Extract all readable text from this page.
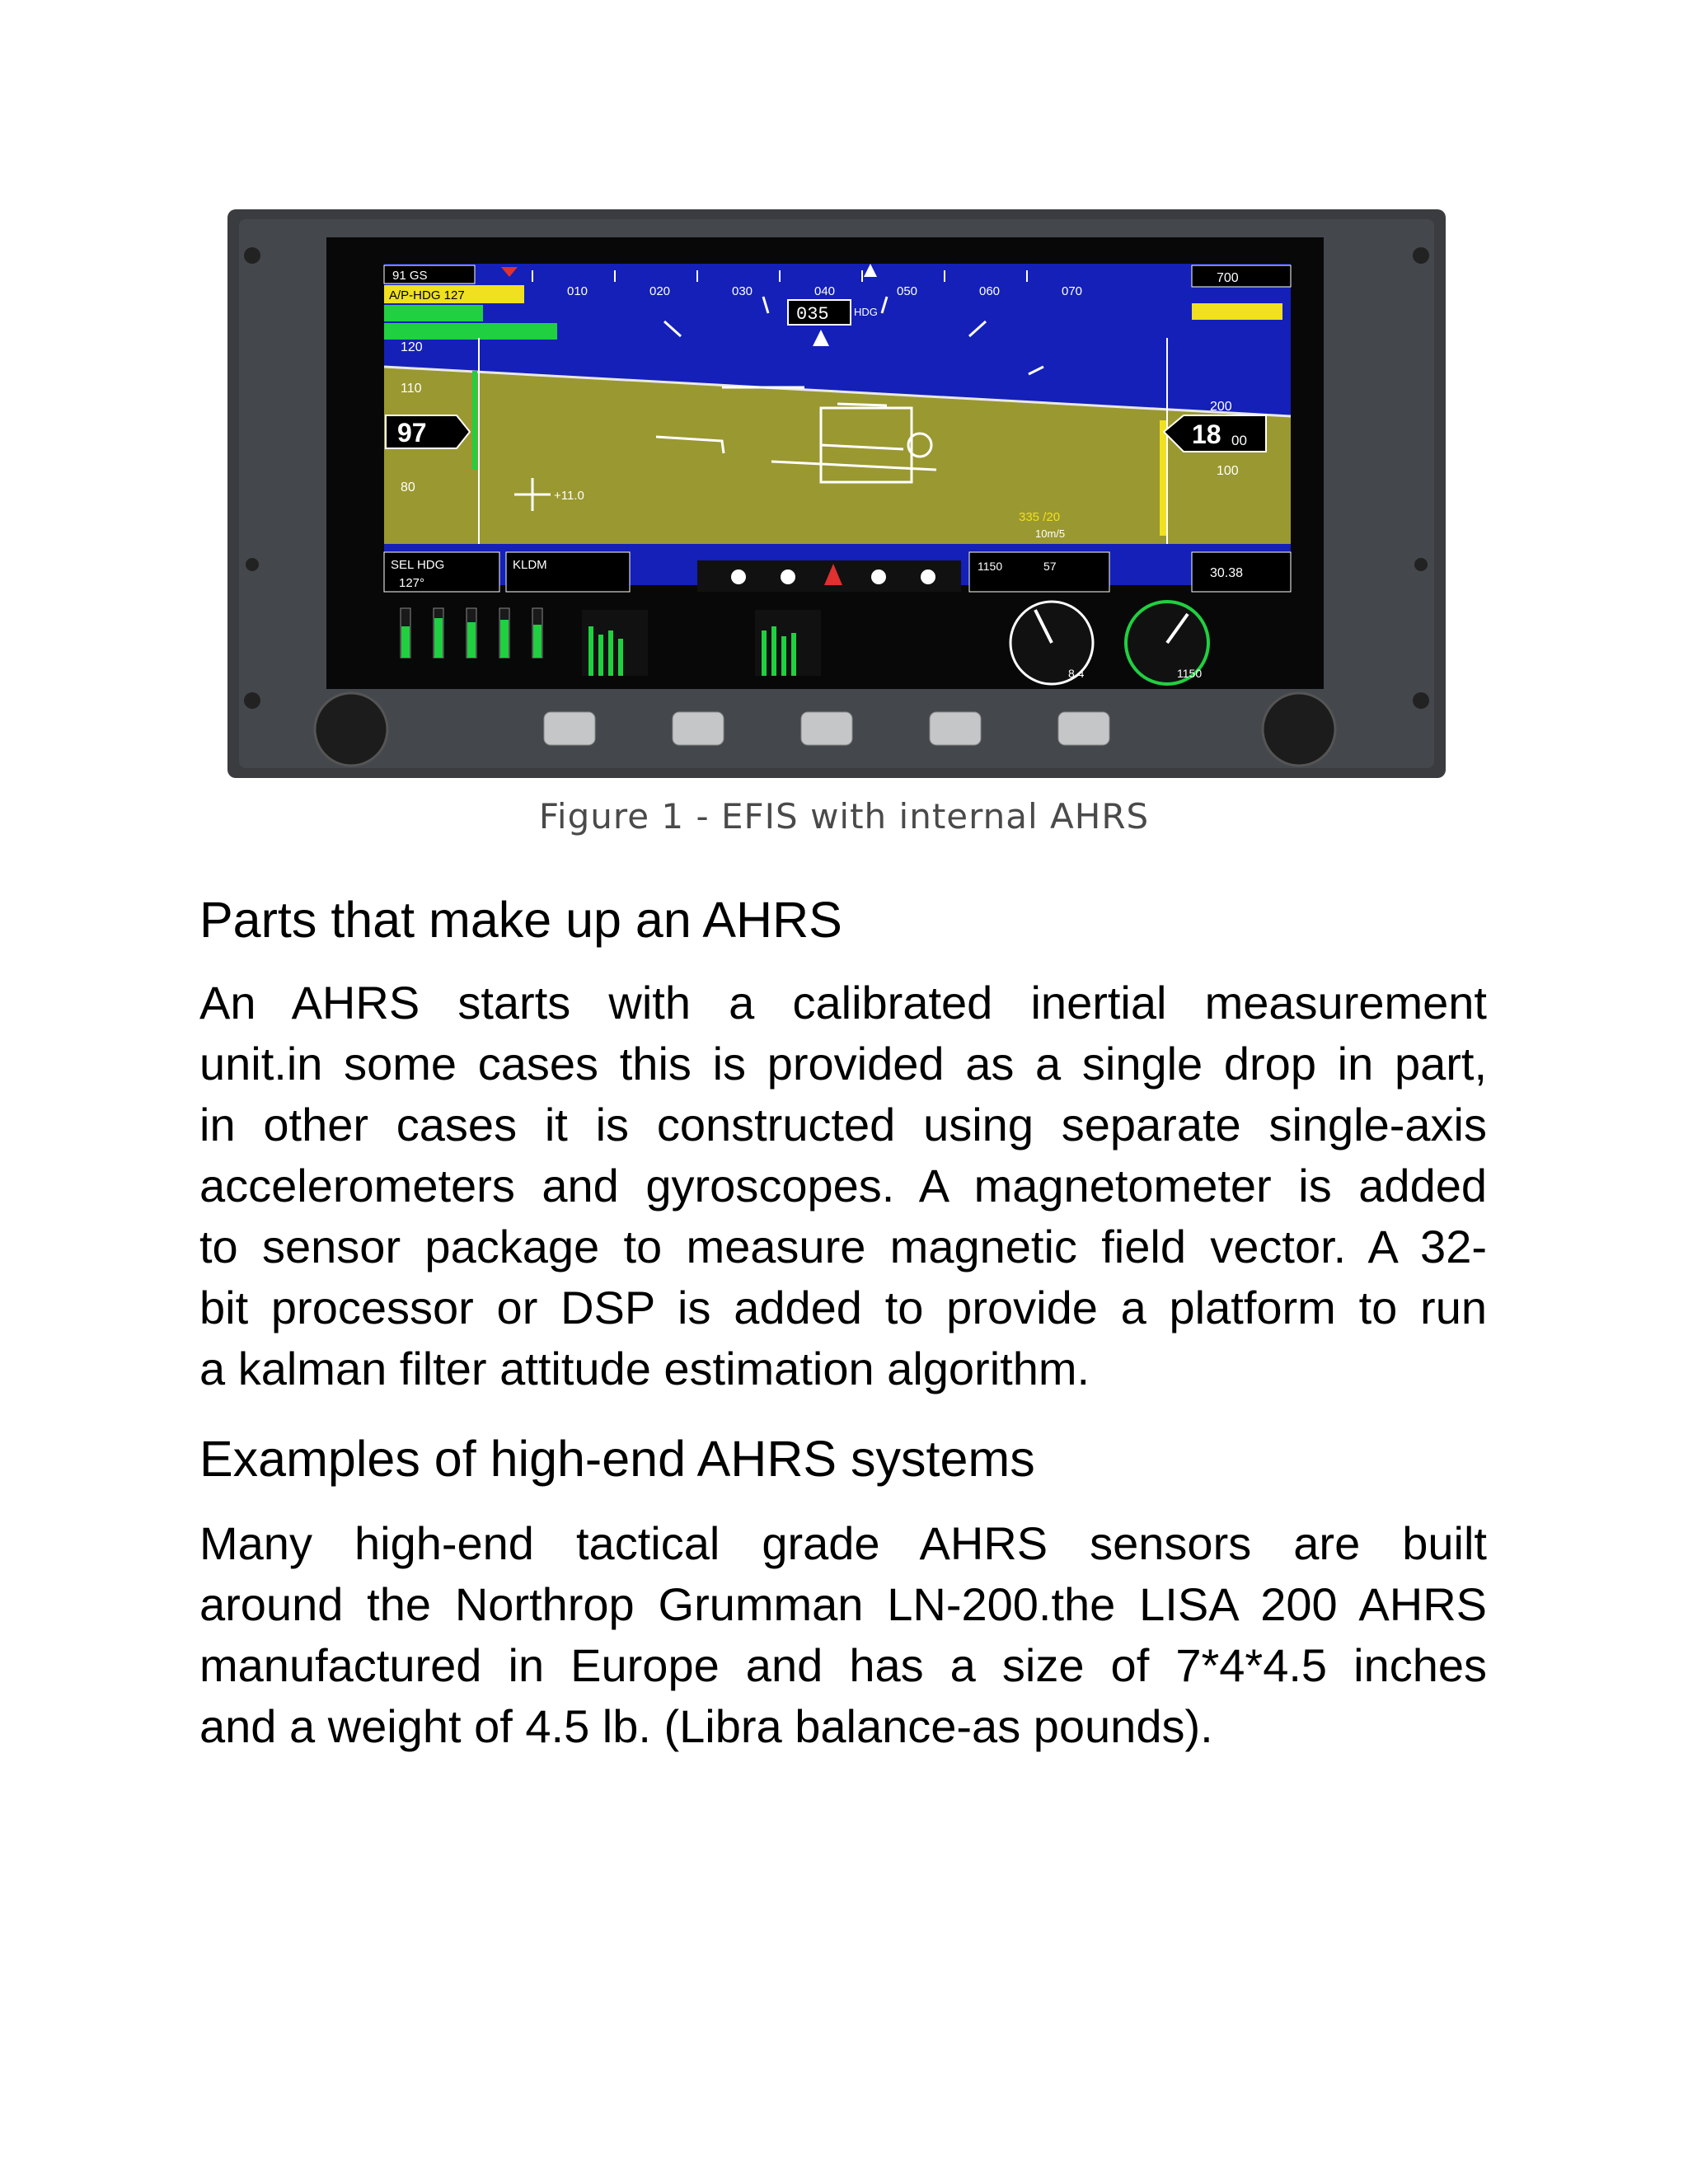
010	020	030	040	050	060	070
035 HDG
91 GS
A/P-HDG 127
700
120
110
80
97
+11.0
200
100
18 00
335 /20
10m/5
SEL HDG
127°
KLDM	1150	57	30.38
8.4	1150
Figure 1 - EFIS with internal AHRS
Parts that make up an AHRS

An AHRS starts with a calibrated inertial measurement

unit.in some cases this is provided as a single drop in part,

in other cases it is constructed using separate single-axis

accelerometers and gyroscopes. A magnetometer is added

to sensor package to measure magnetic field vector. A 32-

bit processor or DSP is added to provide a platform to run

a kalman filter attitude estimation algorithm.

Examples of high-end AHRS systems

Many high-end tactical grade AHRS sensors are built

around the Northrop Grumman LN-200.the LISA 200 AHRS

manufactured in Europe and has a size of 7*4*4.5 inches

and a weight of 4.5 lb. (Libra balance-as pounds).
